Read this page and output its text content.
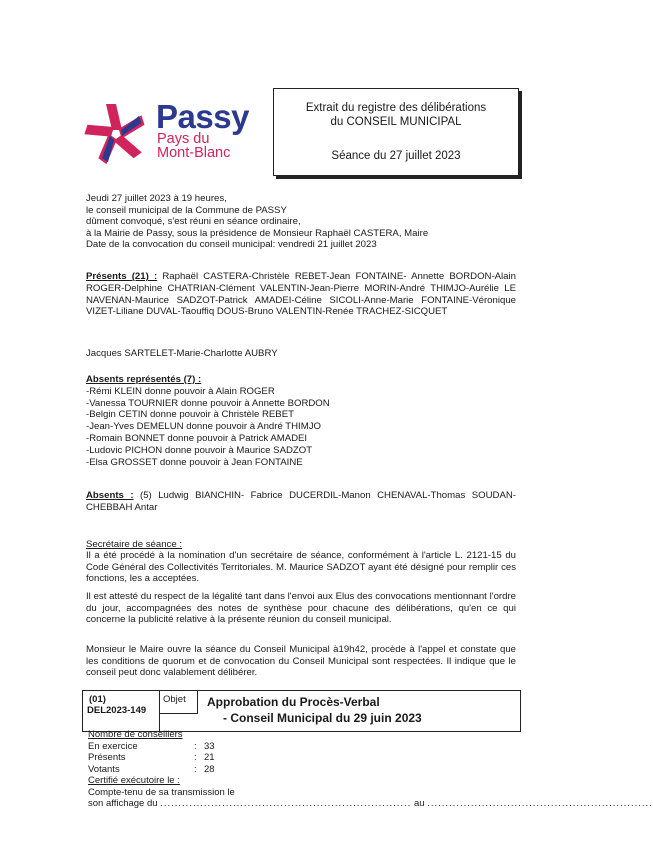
Passy
Pays du
Mont-Blanc
Extrait du registre des délibérations
du CONSEIL MUNICIPAL
Séance du 27 juillet 2023
Jeudi 27 juillet 2023 à 19 heures,
le conseil municipal de la Commune de PASSY
dûment convoqué, s'est réuni en séance ordinaire,
à la Mairie de Passy, sous la présidence de Monsieur Raphaël CASTERA, Maire
Date de la convocation du conseil municipal: vendredi 21 juillet 2023
Présents (21) : Raphaël CASTERA-Christèle REBET-Jean FONTAINE- Annette BORDON-Alain ROGER-Delphine CHATRIAN-Clément VALENTIN-Jean-Pierre MORIN-André THIMJO-Aurélie LE NAVENAN-Maurice SADZOT-Patrick AMADEI-Céline SICOLI-Anne-Marie FONTAINE-Véronique VIZET-Liliane DUVAL-Taouffiq DOUS-Bruno VALENTIN-Renée TRACHEZ-SICQUET
Jacques SARTELET-Marie-Charlotte AUBRY
Absents représentés (7) :
-Rémi KLEIN donne pouvoir à Alain ROGER
-Vanessa TOURNIER donne pouvoir à Annette BORDON
-Belgin CETIN donne pouvoir à Christèle REBET
-Jean-Yves DEMELUN donne pouvoir à André THIMJO
-Romain BONNET donne pouvoir à Patrick AMADEI
-Ludovic PICHON donne pouvoir à Maurice SADZOT
-Elsa GROSSET donne pouvoir à Jean FONTAINE
Absents : (5) Ludwig BIANCHIN- Fabrice DUCERDIL-Manon CHENAVAL-Thomas SOUDAN-CHEBBAH Antar
Secrétaire de séance :
Il a été procédé à la nomination d'un secrétaire de séance, conformément à l'article L. 2121-15 du Code Général des Collectivités Territoriales. M. Maurice SADZOT ayant été désigné pour remplir ces fonctions, les a acceptées.
Il est attesté du respect de la légalité tant dans l'envoi aux Elus des convocations mentionnant l'ordre du jour, accompagnées des notes de synthèse pour chacune des délibérations, qu'en ce qui concerne la publicité relative à la présente réunion du conseil municipal.
Monsieur le Maire ouvre la séance du Conseil Municipal à19h42, procède à l'appel et constate que les conditions de quorum et de convocation du Conseil Municipal sont respectées. Il indique que le conseil peut donc valablement délibérer.
(01)
DEL2023-149
Objet Approbation du Procès-Verbal
- Conseil Municipal du 29 juin 2023
Nombre de conseillers
En exercice	: 33
Présents	: 21
Votants	: 28
Certifié exécutoire le :
Compte-tenu de sa transmission le
son affichage du ..................................................................... au ..............................................................
